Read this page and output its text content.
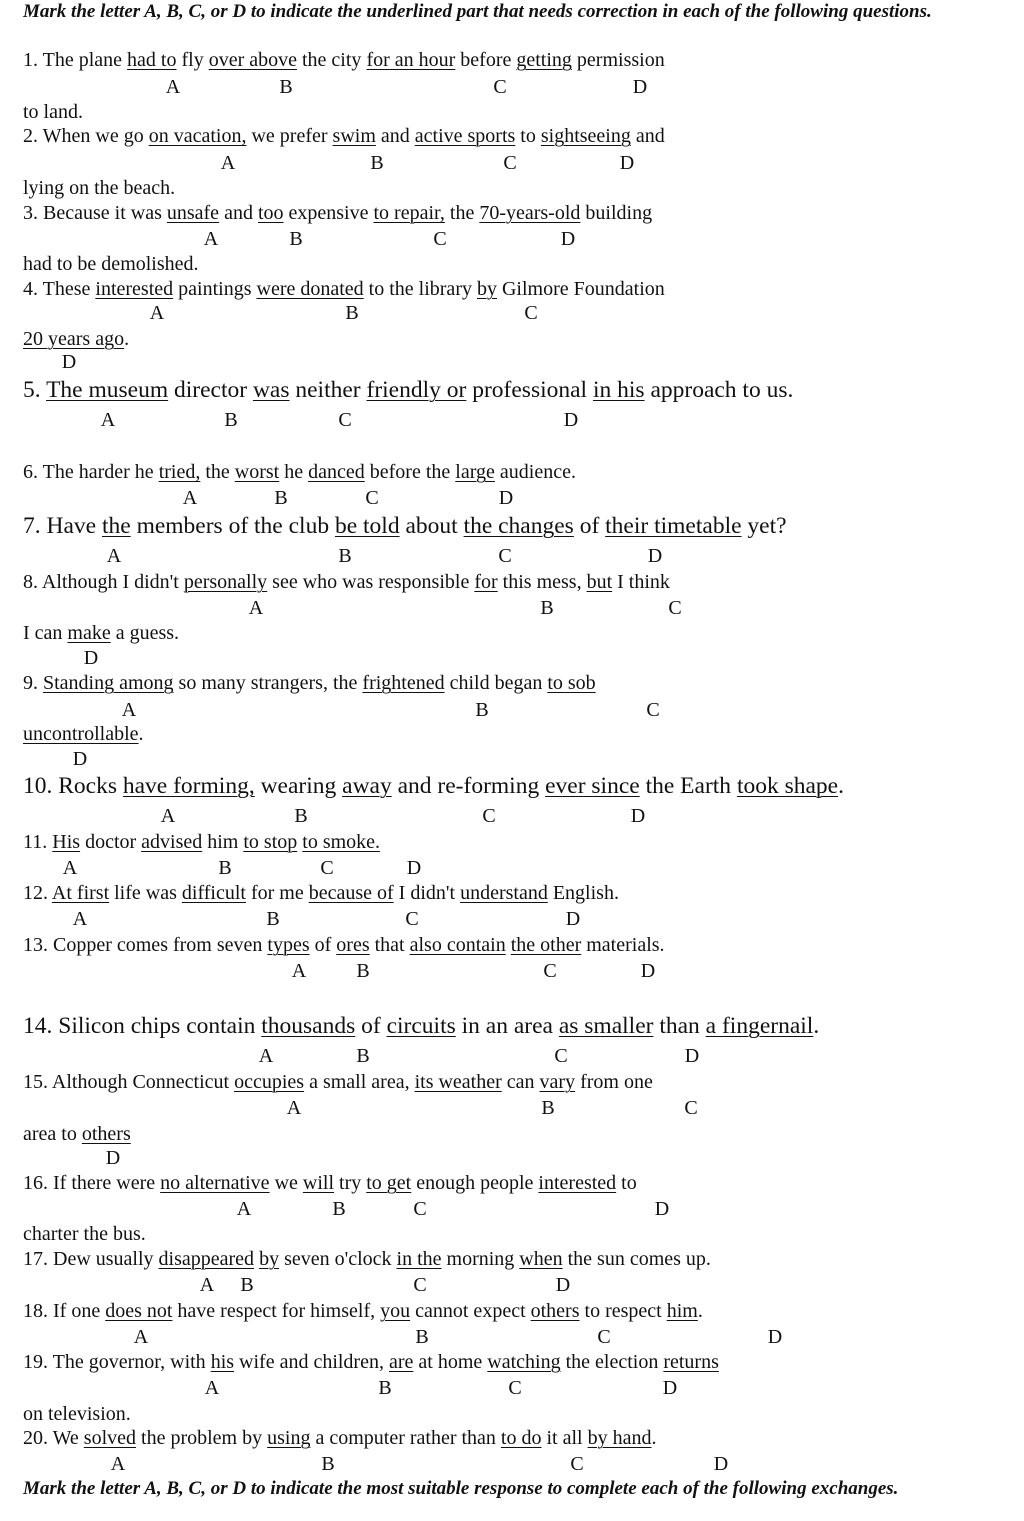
Mark the letter A, B, C, or D to indicate the underlined part that needs correction in each of the following questions.
1. The plane had to fly over above the city for an hour before getting permission
A	B	C	D
to land.
2. When we go on vacation, we prefer swim and active sports to sightseeing and
A	B	C	D
lying on the beach.
3. Because it was unsafe and too expensive to repair, the 70-years-old building
A	B	C	D
had to be demolished.
4. These interested paintings were donated to the library by Gilmore Foundation
A	B	C
20 years ago.
D
5. The museum director was neither friendly or professional in his approach to us.
A	B	C	D
6. The harder he tried, the worst he danced before the large audience.
A	B	C	D
7. Have the members of the club be told about the changes of their timetable yet?
A	B	C	D
8. Although I didn't personally see who was responsible for this mess, but I think
A	B	C
I can make a guess.
D
9. Standing among so many strangers, the frightened child began to sob
A	B	C
uncontrollable.
D
10. Rocks have forming, wearing away and re-forming ever since the Earth took shape.
A	B	C	D
11. His doctor advised him to stop to smoke.
A	B	C	D
12. At first life was difficult for me because of I didn't understand English.
A	B	C	D
13. Copper comes from seven types of ores that also contain the other materials.
A	B	C	D
14. Silicon chips contain thousands of circuits in an area as smaller than a fingernail.
A	B	C	D
15. Although Connecticut occupies a small area, its weather can vary from one
A	B	C
area to others
D
16. If there were no alternative we will try to get enough people interested to
A	B	C	D
charter the bus.
17. Dew usually disappeared by seven o'clock in the morning when the sun comes up.
A B	C	D
18. If one does not have respect for himself, you cannot expect others to respect him.
A	B	C	D
19. The governor, with his wife and children, are at home watching the election returns
A	B	C	D
on television.
20. We solved the problem by using a computer rather than to do it all by hand.
A	B	C	D
Mark the letter A, B, C, or D to indicate the most suitable response to complete each of the following exchanges.
